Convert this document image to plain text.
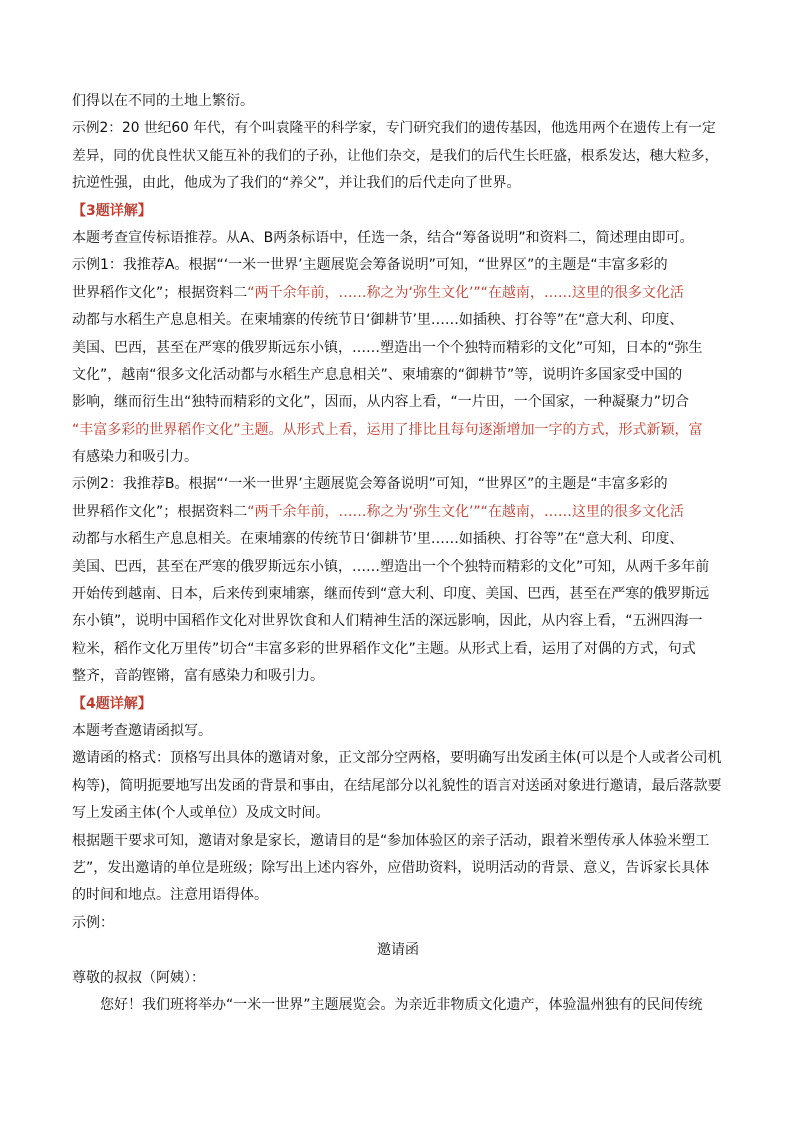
们得以在不同的土地上繁衍。
示例2：20 世纪60 年代，有个叫袁隆平的科学家，专门研究我们的遗传基因，他选用两个在遗传上有一定
差异，同的优良性状又能互补的我们的子孙，让他们杂交，是我们的后代生长旺盛，根系发达，穗大粒多，
抗逆性强，由此，他成为了我们的“养父”，并让我们的后代走向了世界。
【3题详解】
本题考查宣传标语推荐。从A、B两条标语中，任选一条，结合“筹备说明”和资料二，简述理由即可。
示例1：我推荐A。根据“‘一米一世界’主题展览会筹备说明”可知，“世界区”的主题是“丰富多彩的
世界稻作文化”；根据资料二“两千余年前，……称之为‘弥生文化’”“在越南，……这里的很多文化活
动都与水稻生产息息相关。在柬埔寨的传统节日‘御耕节’里……如插秧、打谷等”在“意大利、印度、
美国、巴西，甚至在严寒的俄罗斯远东小镇，……塑造出一个个独特而精彩的文化”可知，日本的“弥生
文化”，越南“很多文化活动都与水稻生产息息相关”、柬埔寨的“御耕节”等，说明许多国家受中国的
影响，继而衍生出“独特而精彩的文化”，因而，从内容上看，“一片田，一个国家，一种凝聚力”切合
“丰富多彩的世界稻作文化”主题。从形式上看，运用了排比且每句逐渐增加一字的方式，形式新颖，富
有感染力和吸引力。
示例2：我推荐B。根据“‘一米一世界’主题展览会筹备说明”可知，“世界区”的主题是“丰富多彩的
世界稻作文化”；根据资料二“两千余年前，……称之为‘弥生文化’”“在越南，……这里的很多文化活
动都与水稻生产息息相关。在柬埔寨的传统节日‘御耕节’里……如插秧、打谷等”在“意大利、印度、
美国、巴西，甚至在严寒的俄罗斯远东小镇，……塑造出一个个独特而精彩的文化”可知，从两千多年前
开始传到越南、日本，后来传到柬埔寨，继而传到“意大利、印度、美国、巴西，甚至在严寒的俄罗斯远
东小镇”，说明中国稻作文化对世界饮食和人们精神生活的深远影响，因此，从内容上看，“五洲四海一
粒米，稻作文化万里传”切合“丰富多彩的世界稻作文化”主题。从形式上看，运用了对偶的方式，句式
整齐，音韵铿锵，富有感染力和吸引力。
【4题详解】
本题考查邀请函拟写。
邀请函的格式：顶格写出具体的邀请对象，正文部分空两格，要明确写出发函主体(可以是个人或者公司机
构等)，简明扼要地写出发函的背景和事由，在结尾部分以礼貌性的语言对送函对象进行邀请，最后落款要
写上发函主体(个人或单位）及成文时间。
根据题干要求可知，邀请对象是家长，邀请目的是“参加体验区的亲子活动，跟着米塑传承人体验米塑工
艺”，发出邀请的单位是班级；除写出上述内容外，应借助资料，说明活动的背景、意义，告诉家长具体
的时间和地点。注意用语得体。
示例：
邀请函
尊敬的叔叔（阿姨）：
您好！我们班将举办“一米一世界”主题展览会。为亲近非物质文化遗产，体验温州独有的民间传统
